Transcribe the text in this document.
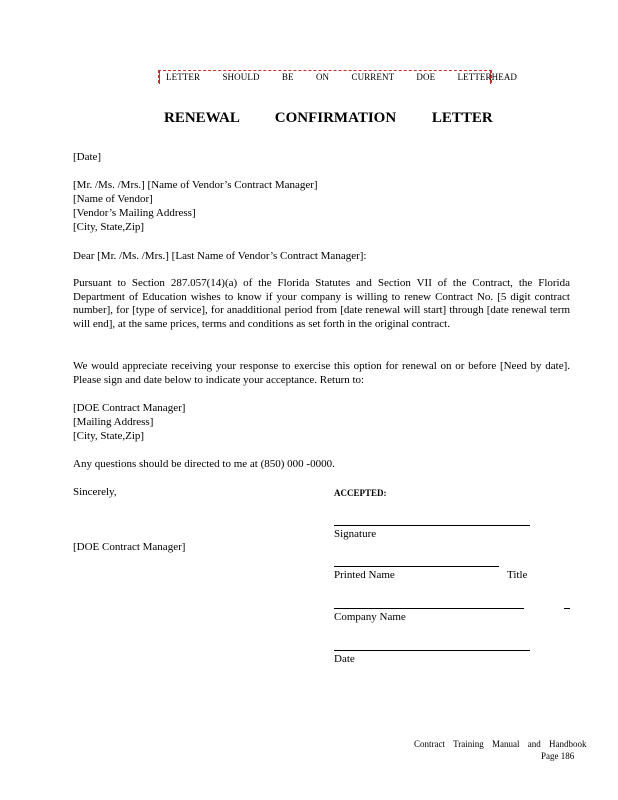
LETTER SHOULD BE ON CURRENT DOE LETTERHEAD
RENEWAL CONFIRMATION LETTER
[Date]
[Mr. /Ms. /Mrs.] [Name of Vendor’s Contract Manager]
[Name of Vendor]
[Vendor’s Mailing Address]
[City, State,Zip]
Dear [Mr. /Ms. /Mrs.] [Last Name of Vendor’s Contract Manager]:
Pursuant to Section 287.057(14)(a) of the Florida Statutes and Section VII of the Contract, the Florida Department of Education wishes to know if your company is willing to renew Contract No. [5 digit contract number], for [type of service], for anadditional period from [date renewal will start] through [date renewal term will end], at the same prices, terms and conditions as set forth in the original contract.
We would appreciate receiving your response to exercise this option for renewal on or before [Need by date]. Please sign and date below to indicate your acceptance. Return to:
[DOE Contract Manager]
[Mailing Address]
[City, State,Zip]
Any questions should be directed to me at (850) 000 -0000.
Sincerely,
[DOE Contract Manager]
ACCEPTED:
Signature
Printed Name	Title
Company Name
Date
Contract Training Manual and Handbook
Page 186
